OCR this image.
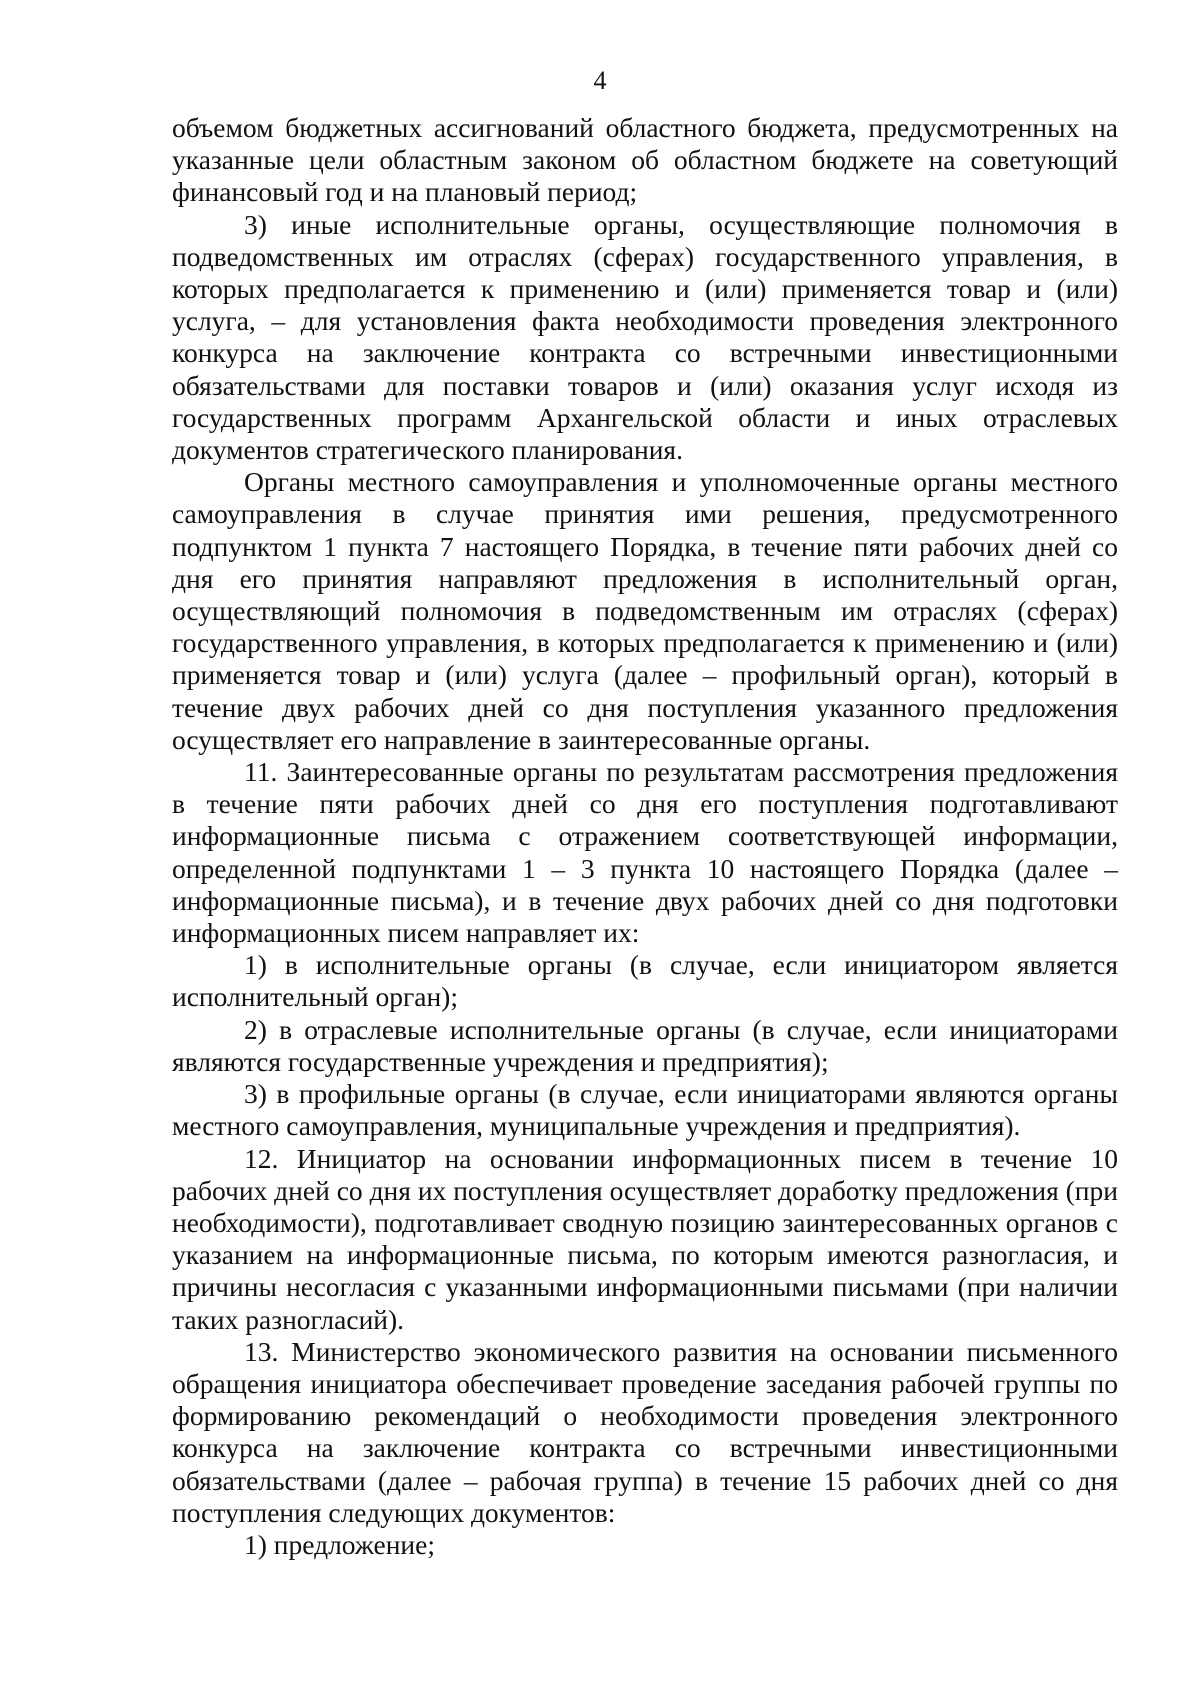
4

объемом бюджетных ассигнований областного бюджета, предусмотренных на указанные цели областным законом об областном бюджете на советующий финансовый год и на плановый период;

3) иные исполнительные органы, осуществляющие полномочия в подведомственных им отраслях (сферах) государственного управления, в которых предполагается к применению и (или) применяется товар и (или) услуга, – для установления факта необходимости проведения электронного конкурса на заключение контракта со встречными инвестиционными обязательствами для поставки товаров и (или) оказания услуг исходя из государственных программ Архангельской области и иных отраслевых документов стратегического планирования.

Органы местного самоуправления и уполномоченные органы местного самоуправления в случае принятия ими решения, предусмотренного подпунктом 1 пункта 7 настоящего Порядка, в течение пяти рабочих дней со дня его принятия направляют предложения в исполнительный орган, осуществляющий полномочия в подведомственным им отраслях (сферах) государственного управления, в которых предполагается к применению и (или) применяется товар и (или) услуга (далее – профильный орган), который в течение двух рабочих дней со дня поступления указанного предложения осуществляет его направление в заинтересованные органы.

11. Заинтересованные органы по результатам рассмотрения предложения в течение пяти рабочих дней со дня его поступления подготавливают информационные письма с отражением соответствующей информации, определенной подпунктами 1 – 3 пункта 10 настоящего Порядка (далее – информационные письма), и в течение двух рабочих дней со дня подготовки информационных писем направляет их:

1) в исполнительные органы (в случае, если инициатором является исполнительный орган);

2) в отраслевые исполнительные органы (в случае, если инициаторами являются государственные учреждения и предприятия);

3) в профильные органы (в случае, если инициаторами являются органы местного самоуправления, муниципальные учреждения и предприятия).

12. Инициатор на основании информационных писем в течение 10 рабочих дней со дня их поступления осуществляет доработку предложения (при необходимости), подготавливает сводную позицию заинтересованных органов с указанием на информационные письма, по которым имеются разногласия, и причины несогласия с указанными информационными письмами (при наличии таких разногласий).

13. Министерство экономического развития на основании письменного обращения инициатора обеспечивает проведение заседания рабочей группы по формированию рекомендаций о необходимости проведения электронного конкурса на заключение контракта со встречными инвестиционными обязательствами (далее – рабочая группа) в течение 15 рабочих дней со дня поступления следующих документов:

1) предложение;
